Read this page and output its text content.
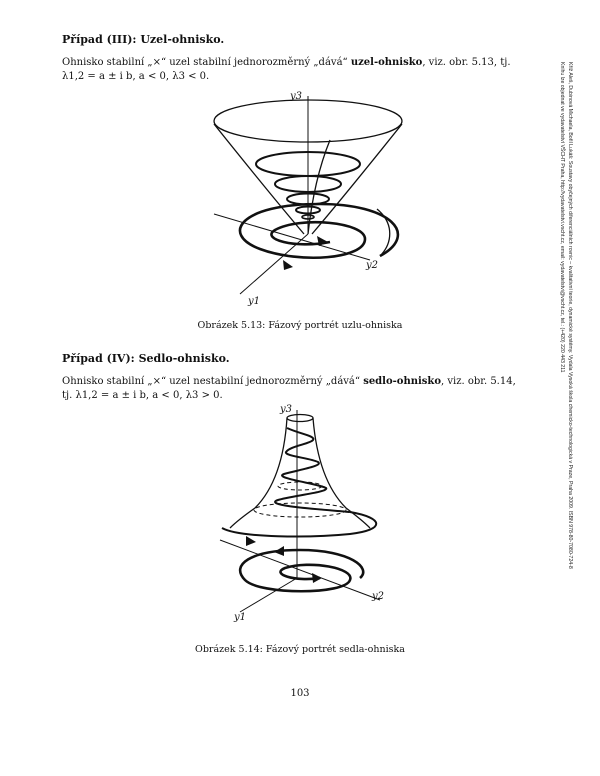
Případ (III): Uzel-ohnisko.

Ohnisko stabilní „×“ uzel stabilní jednorozměrný „dává“ uzel-ohnisko, viz. obr. 5.13, tj.
λ1,2 = a ± i b, a < 0, λ3 < 0.

y3
y2
y1

Obrázek 5.13: Fázový portrét uzlu-ohniska

Případ (IV): Sedlo-ohnisko.

Ohnisko stabilní „×“ uzel nestabilní jednorozměrný „dává“ sedlo-ohnisko, viz. obr. 5.14,
tj. λ1,2 = a ± i b, a < 0, λ3 > 0.

y3
y2
y1

Obrázek 5.14: Fázový portrét sedla-ohniska

103
Kříž Aleš, Dubinová Michaela, Bořil Lukáš: Soustavy obyčejných diferenciálních rovnic – kvalitativní teorie, dynamické systémy. Vydala Vysoká škola chemicko-technologická v Praze, Praha 2009. ISBN 978-80-7080-724-8
Knihu lze objednat ve vydavatelství VŠCHT Praha, http://vydavatelstvi.vscht.cz, email: vydavatelstvi@vscht.cz, tel.: (+420) 220 443 211
